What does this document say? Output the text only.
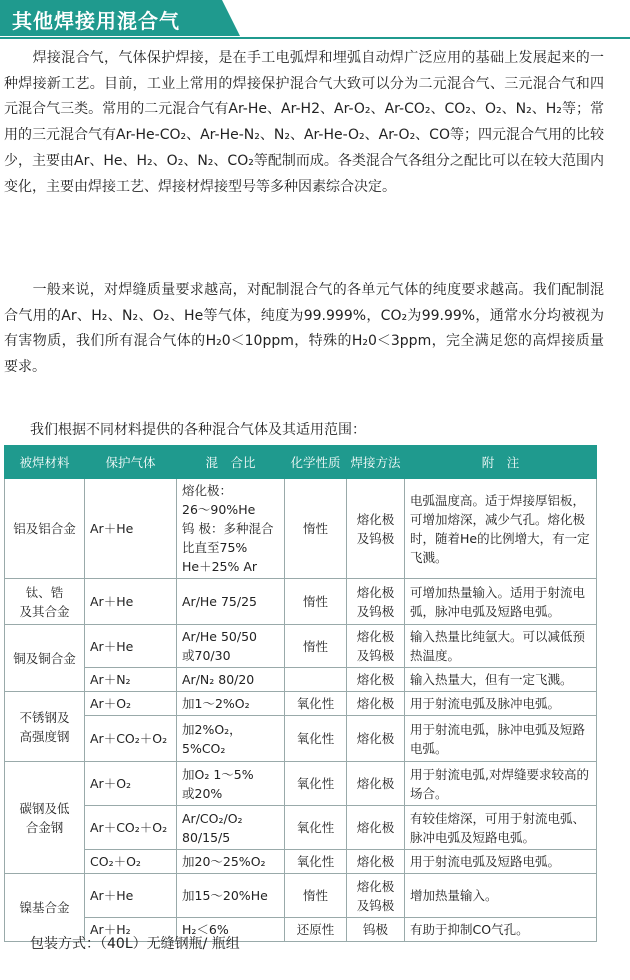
其他焊接用混合气

　　焊接混合气，气体保护焊接，是在手工电弧焊和埋弧自动焊广泛应用的基础上发展起来的一种焊接新工艺。目前，工业上常用的焊接保护混合气大致可以分为二元混合气、三元混合气和四元混合气三类。常用的二元混合气有Ar-He、Ar-H2、Ar-O₂、Ar-CO₂、CO₂、O₂、N₂、H₂等；常用的三元混合气有Ar-He-CO₂、Ar-He-N₂、N₂、Ar-He-O₂、Ar-O₂、CO等；四元混合气用的比较少，主要由Ar、He、H₂、O₂、N₂、CO₂等配制而成。各类混合气各组分之配比可以在较大范围内变化，主要由焊接工艺、焊接材焊接型号等多种因素综合决定。

　　一般来说，对焊缝质量要求越高，对配制混合气的各单元气体的纯度要求越高。我们配制混合气用的Ar、H₂、N₂、O₂、He等气体，纯度为99.999%，CO₂为99.99%，通常水分均被视为有害物质，我们所有混合气体的H₂0＜10ppm，特殊的H₂0＜3ppm，完全满足您的高焊接质量要求。

我们根据不同材料提供的各种混合气体及其适用范围：
被焊材料	保护气体	混　合比	化学性质	焊接方法	附　注
铝及铝合金	Ar＋He	熔化极：
26～90%He
钨 极：多种混合比直至75%
He＋25% Ar	惰性	熔化极
及钨极	电弧温度高。适于焊接厚铝板，可增加熔深，减少气孔。熔化极时，随着He的比例增大，有一定飞溅。
钛、锆
及其合金	Ar＋He	Ar/He 75/25	惰性	熔化极
及钨极	可增加热量输入。适用于射流电弧，脉冲电弧及短路电弧。
铜及铜合金	Ar＋He	Ar/He 50/50
或70/30	惰性	熔化极
及钨极	输入热量比纯氩大。可以减低预热温度。
	Ar＋N₂	Ar/N₂ 80/20		熔化极	输入热量大，但有一定飞溅。
不锈钢及
高强度钢	Ar＋O₂	加1～2%O₂	氧化性	熔化极	用于射流电弧及脉冲电弧。
	Ar＋CO₂＋O₂	加2%O₂，
5%CO₂	氧化性	熔化极	用于射流电弧，脉冲电弧及短路电弧。
碳钢及低
合金钢	Ar＋O₂	加O₂ 1～5%
或20%	氧化性	熔化极	用于射流电弧,对焊缝要求较高的场合。
	Ar＋CO₂＋O₂	Ar/CO₂/O₂
80/15/5	氧化性	熔化极	有较佳熔深，可用于射流电弧、脉冲电弧及短路电弧。
	CO₂＋O₂	加20～25%O₂	氧化性	熔化极	用于射流电弧及短路电弧。
镍基合金	Ar＋He	加15～20%He	惰性	熔化极
及钨极	增加热量输入。
	Ar＋H₂	H₂＜6%	还原性	钨极	有助于抑制CO气孔。
包装方式：（40L）无缝钢瓶/ 瓶组
